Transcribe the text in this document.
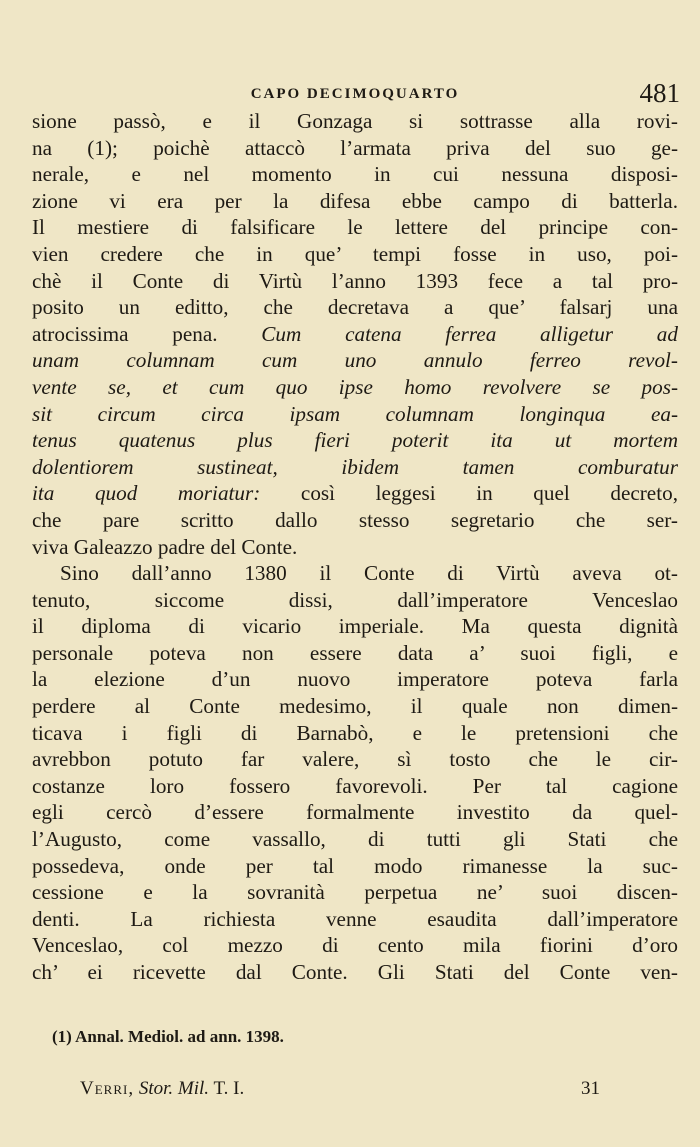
CAPO DECIMOQUARTO	481
sione passò, e il Gonzaga si sottrasse alla rovi-
na (1); poichè attaccò l’armata priva del suo ge-
nerale, e nel momento in cui nessuna disposi-
zione vi era per la difesa ebbe campo di batterla.
Il mestiere di falsificare le lettere del principe con-
vien credere che in que’ tempi fosse in uso, poi-
chè il Conte di Virtù l’anno 1393 fece a tal pro-
posito un editto, che decretava a que’ falsarj una
atrocissima pena. Cum catena ferrea alligetur ad
unam columnam cum uno annulo ferreo revol-
vente se, et cum quo ipse homo revolvere se pos-
sit circum circa ipsam columnam longinqua ea-
tenus quatenus plus fieri poterit ita ut mortem
dolentiorem sustineat, ibidem tamen comburatur
ita quod moriatur: così leggesi in quel decreto,
che pare scritto dallo stesso segretario che ser-
viva Galeazzo padre del Conte.
Sino dall’anno 1380 il Conte di Virtù aveva ot-
tenuto, siccome dissi, dall’imperatore Venceslao
il diploma di vicario imperiale. Ma questa dignità
personale poteva non essere data a’ suoi figli, e
la elezione d’un nuovo imperatore poteva farla
perdere al Conte medesimo, il quale non dimen-
ticava i figli di Barnabò, e le pretensioni che
avrebbon potuto far valere, sì tosto che le cir-
costanze loro fossero favorevoli. Per tal cagione
egli cercò d’essere formalmente investito da quel-
l’Augusto, come vassallo, di tutti gli Stati che
possedeva, onde per tal modo rimanesse la suc-
cessione e la sovranità perpetua ne’ suoi discen-
denti. La richiesta venne esaudita dall’imperatore
Venceslao, col mezzo di cento mila fiorini d’oro
ch’ ei ricevette dal Conte. Gli Stati del Conte ven-
(1) Annal. Mediol. ad ann. 1398.
Verri, Stor. Mil. T. I.	31
